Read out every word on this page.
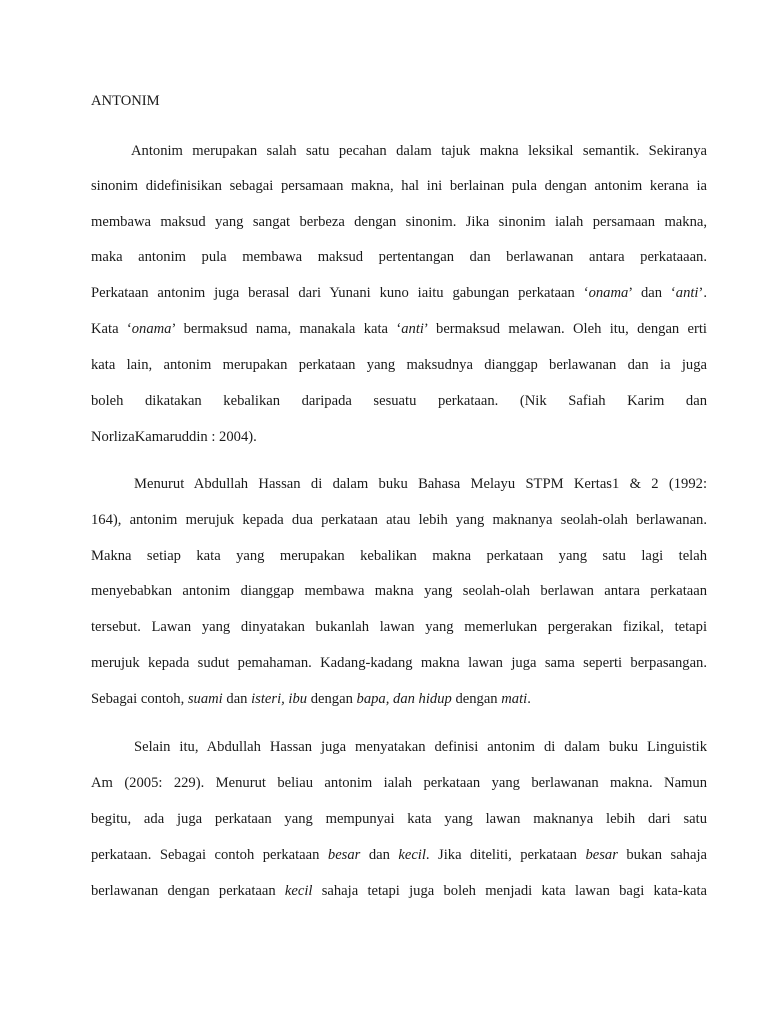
ANTONIM
Antonim merupakan salah satu pecahan dalam tajuk makna leksikal semantik. Sekiranya
sinonim didefinisikan sebagai persamaan makna, hal ini berlainan pula dengan antonim kerana ia
membawa maksud yang sangat berbeza dengan sinonim. Jika sinonim ialah persamaan makna,
maka antonim pula membawa maksud pertentangan dan berlawanan antara perkataaan.
Perkataan antonim juga berasal dari Yunani kuno iaitu gabungan perkataan ‘onama’ dan ‘anti’.
Kata ‘onama’ bermaksud nama, manakala kata ‘anti’ bermaksud melawan. Oleh itu, dengan erti
kata lain, antonim merupakan perkataan yang maksudnya dianggap berlawanan dan ia juga
boleh dikatakan kebalikan daripada sesuatu perkataan. (Nik Safiah Karim dan
NorlizaKamaruddin : 2004).
Menurut Abdullah Hassan di dalam buku Bahasa Melayu STPM Kertas1 & 2 (1992:
164), antonim merujuk kepada dua perkataan atau lebih yang maknanya seolah-olah berlawanan.
Makna setiap kata yang merupakan kebalikan makna perkataan yang satu lagi telah
menyebabkan antonim dianggap membawa makna yang seolah-olah berlawan antara perkataan
tersebut. Lawan yang dinyatakan bukanlah lawan yang memerlukan pergerakan fizikal, tetapi
merujuk kepada sudut pemahaman. Kadang-kadang makna lawan juga sama seperti berpasangan.
Sebagai contoh, suami dan isteri, ibu dengan bapa, dan hidup dengan mati.
Selain itu, Abdullah Hassan juga menyatakan definisi antonim di dalam buku Linguistik
Am (2005: 229). Menurut beliau antonim ialah perkataan yang berlawanan makna. Namun
begitu, ada juga perkataan yang mempunyai kata yang lawan maknanya lebih dari satu
perkataan. Sebagai contoh perkataan besar dan kecil. Jika diteliti, perkataan besar bukan sahaja
berlawanan dengan perkataan kecil sahaja tetapi juga boleh menjadi kata lawan bagi kata-kata
